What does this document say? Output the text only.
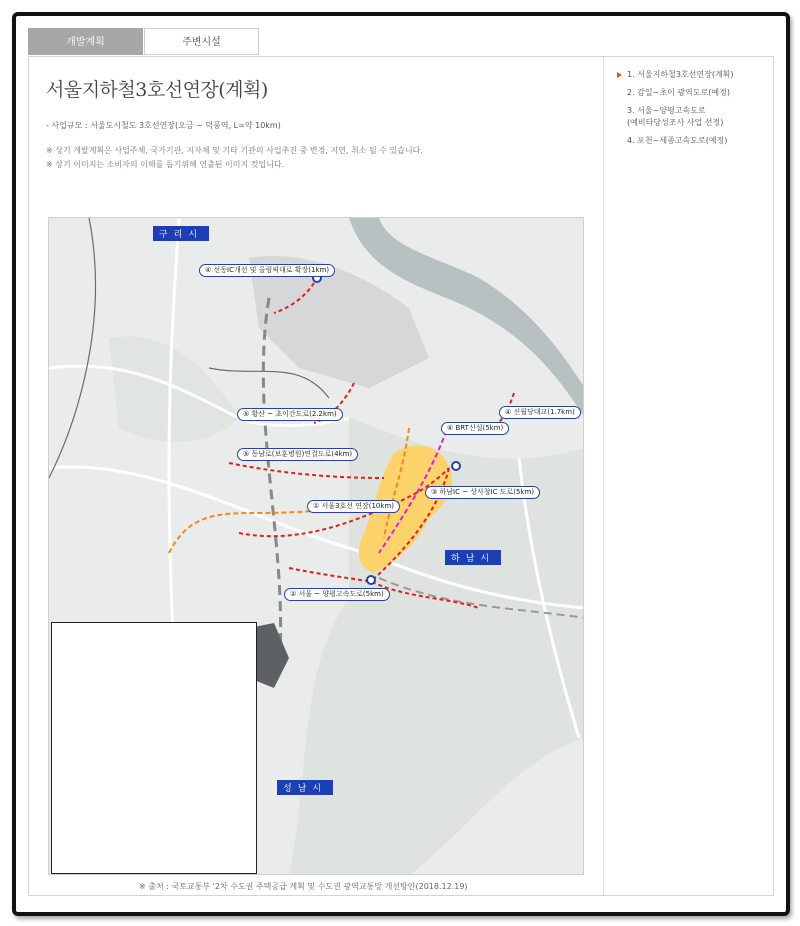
개발계획	주변시설
서울지하철3호선연장(계획)
- 사업규모 : 서울도시철도 3호선연장(오금 ~ 덕풍역, L=약 10km)
※ 상기 개발계획은 사업주체, 국가기관, 지자체 및 기타 기관의 사업추진 중 변경, 지연, 취소 될 수 있습니다.
※ 상기 이미지는 소비자의 이해를 돕기위해 연출된 이미지 컷입니다.
구리시
하남시
성남시
④ 선동IC개선 및 올림픽대로 확장(1km)
⑤ 황산 ~ 초이간도로(2.2km)
⑤ 동남로(보훈병원)연결도로(4km)
① 서울3호선 연장(10km)
② 서울 ~ 양평고속도로(5km)
⑥ BRT신설(5km)
④ 신월당대교(1.7km)
③ 하남IC ~ 상사창IC 도로(5km)
※ 출처 : 국토교통부 '2차 수도권 주택공급 계획 및 수도권 광역교통망 개선방안(2018.12.19)
1. 서울지하철3호선연장(계획)
2. 감일~초이 광역도로(예정)
3. 서울~양평고속도로
(예비타당성조사 사업 선정)
4. 포천~세종고속도로(예정)
